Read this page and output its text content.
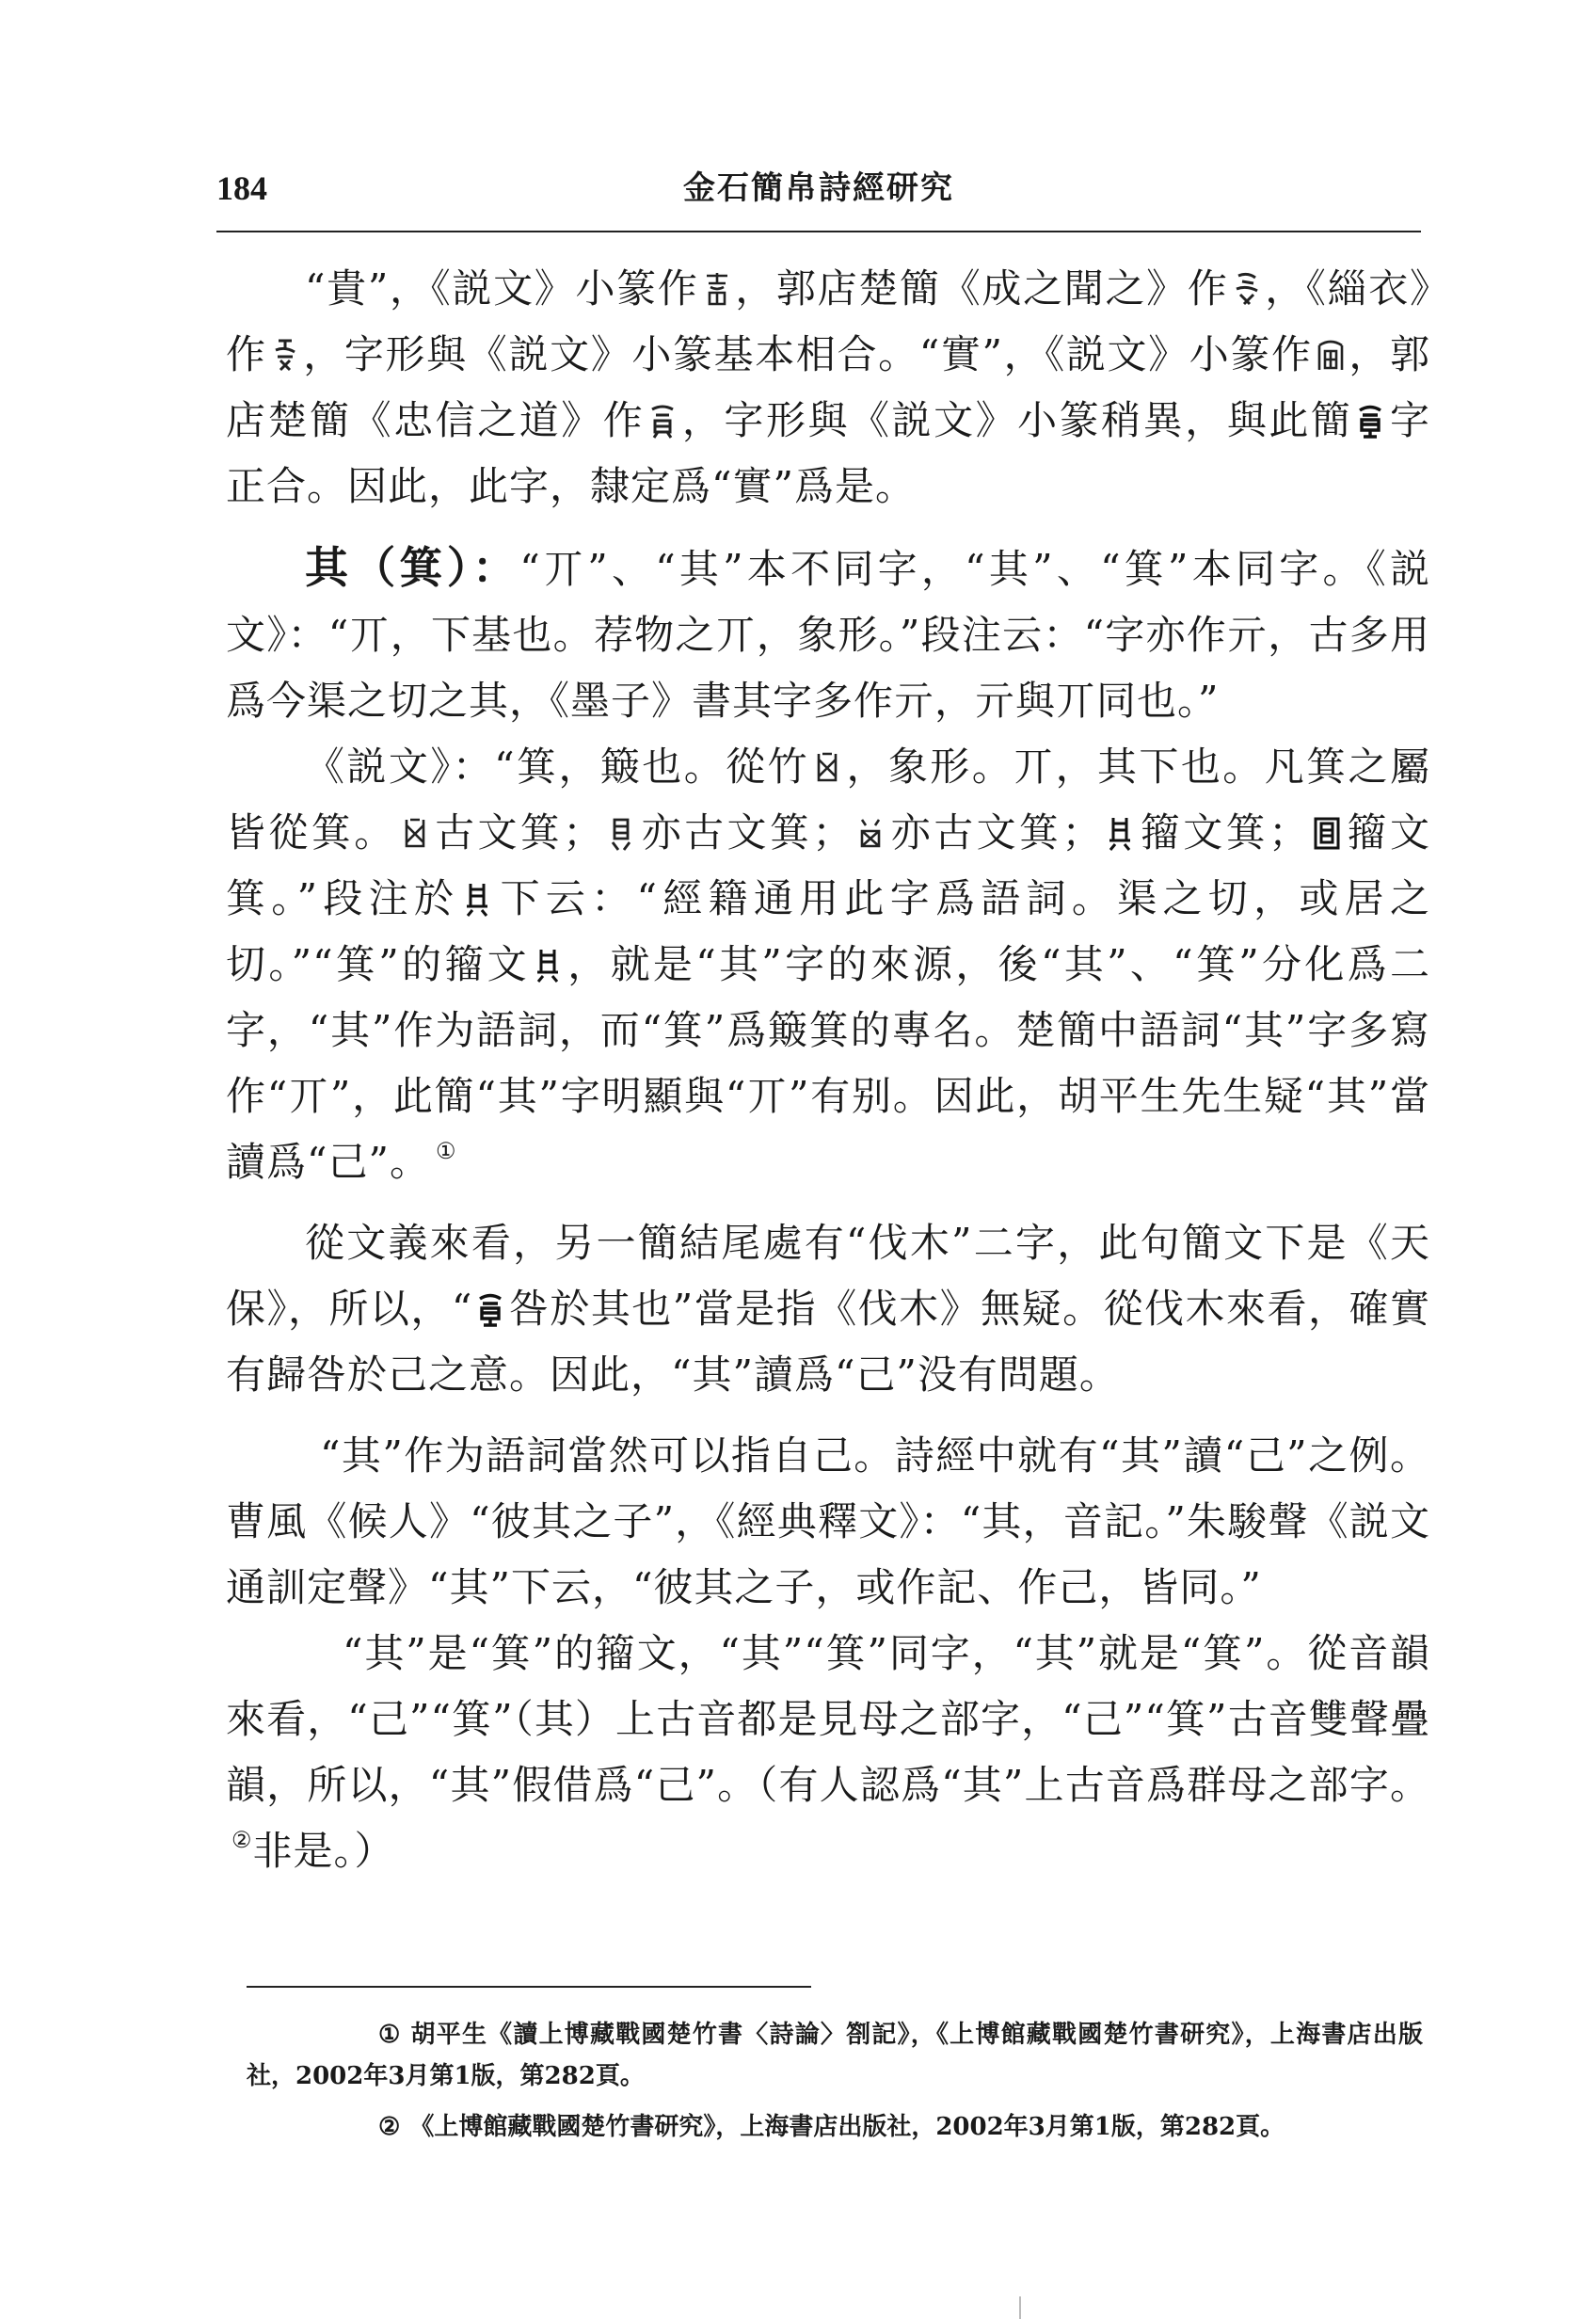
184	金石簡帛詩經研究

“貴”，《説文》小篆作 ，郭店楚簡《成之聞之》作 ，《緇衣》作 ，字形與《説文》小篆基本相合。“實”，《説文》小篆作 ，郭店楚簡《忠信之道》作 ，字形與《説文》小篆稍異，與此簡 字正合。因此，此字，隸定爲“實”爲是。

其（箕）：“丌”、“其”本不同字，“其”、“箕”本同字。《説文》：“丌，下基也。荐物之丌，象形。”段注云：“字亦作亓，古多用爲今渠之切之其，《墨子》書其字多作亓，亓與丌同也。”

《説文》：“箕，簸也。從竹 ，象形。丌，其下也。凡箕之屬皆從箕。 古文箕； 亦古文箕； 亦古文箕； 籀文箕； 籀文箕。”段注於 下云：“經籍通用此字爲語詞。渠之切，或居之切。”“箕”的籀文 ，就是“其”字的來源，後“其”、“箕”分化爲二字，“其”作为語詞，而“箕”爲簸箕的專名。楚簡中語詞“其”字多寫作“丌”，此簡“其”字明顯與“丌”有别。因此，胡平生先生疑“其”當讀爲“己”。 ①

從文義來看，另一簡結尾處有“伐木”二字，此句簡文下是《天保》，所以，“ 咎於其也”當是指《伐木》無疑。從伐木來看，確實有歸咎於己之意。因此，“其”讀爲“己”没有問題。

“其”作为語詞當然可以指自己。詩經中就有“其”讀“己”之例。曹風《候人》“彼其之子”，《經典釋文》：“其，音記。”朱駿聲《説文通訓定聲》“其”下云，“彼其之子，或作記、作己，皆同。”

“其”是“箕”的籀文，“其”“箕”同字，“其”就是“箕”。從音韻來看，“己”“箕”（其）上古音都是見母之部字，“己”“箕”古音雙聲疊韻，所以，“其”假借爲“己”。（有人認爲“其”上古音爲群母之部字。②非是。）

① 胡平生《讀上博藏戰國楚竹書〈詩論〉劄記》，《上博館藏戰國楚竹書研究》，上海書店出版社，2002年3月第1版，第282頁。

② 《上博館藏戰國楚竹書研究》，上海書店出版社，2002年3月第1版，第282頁。
